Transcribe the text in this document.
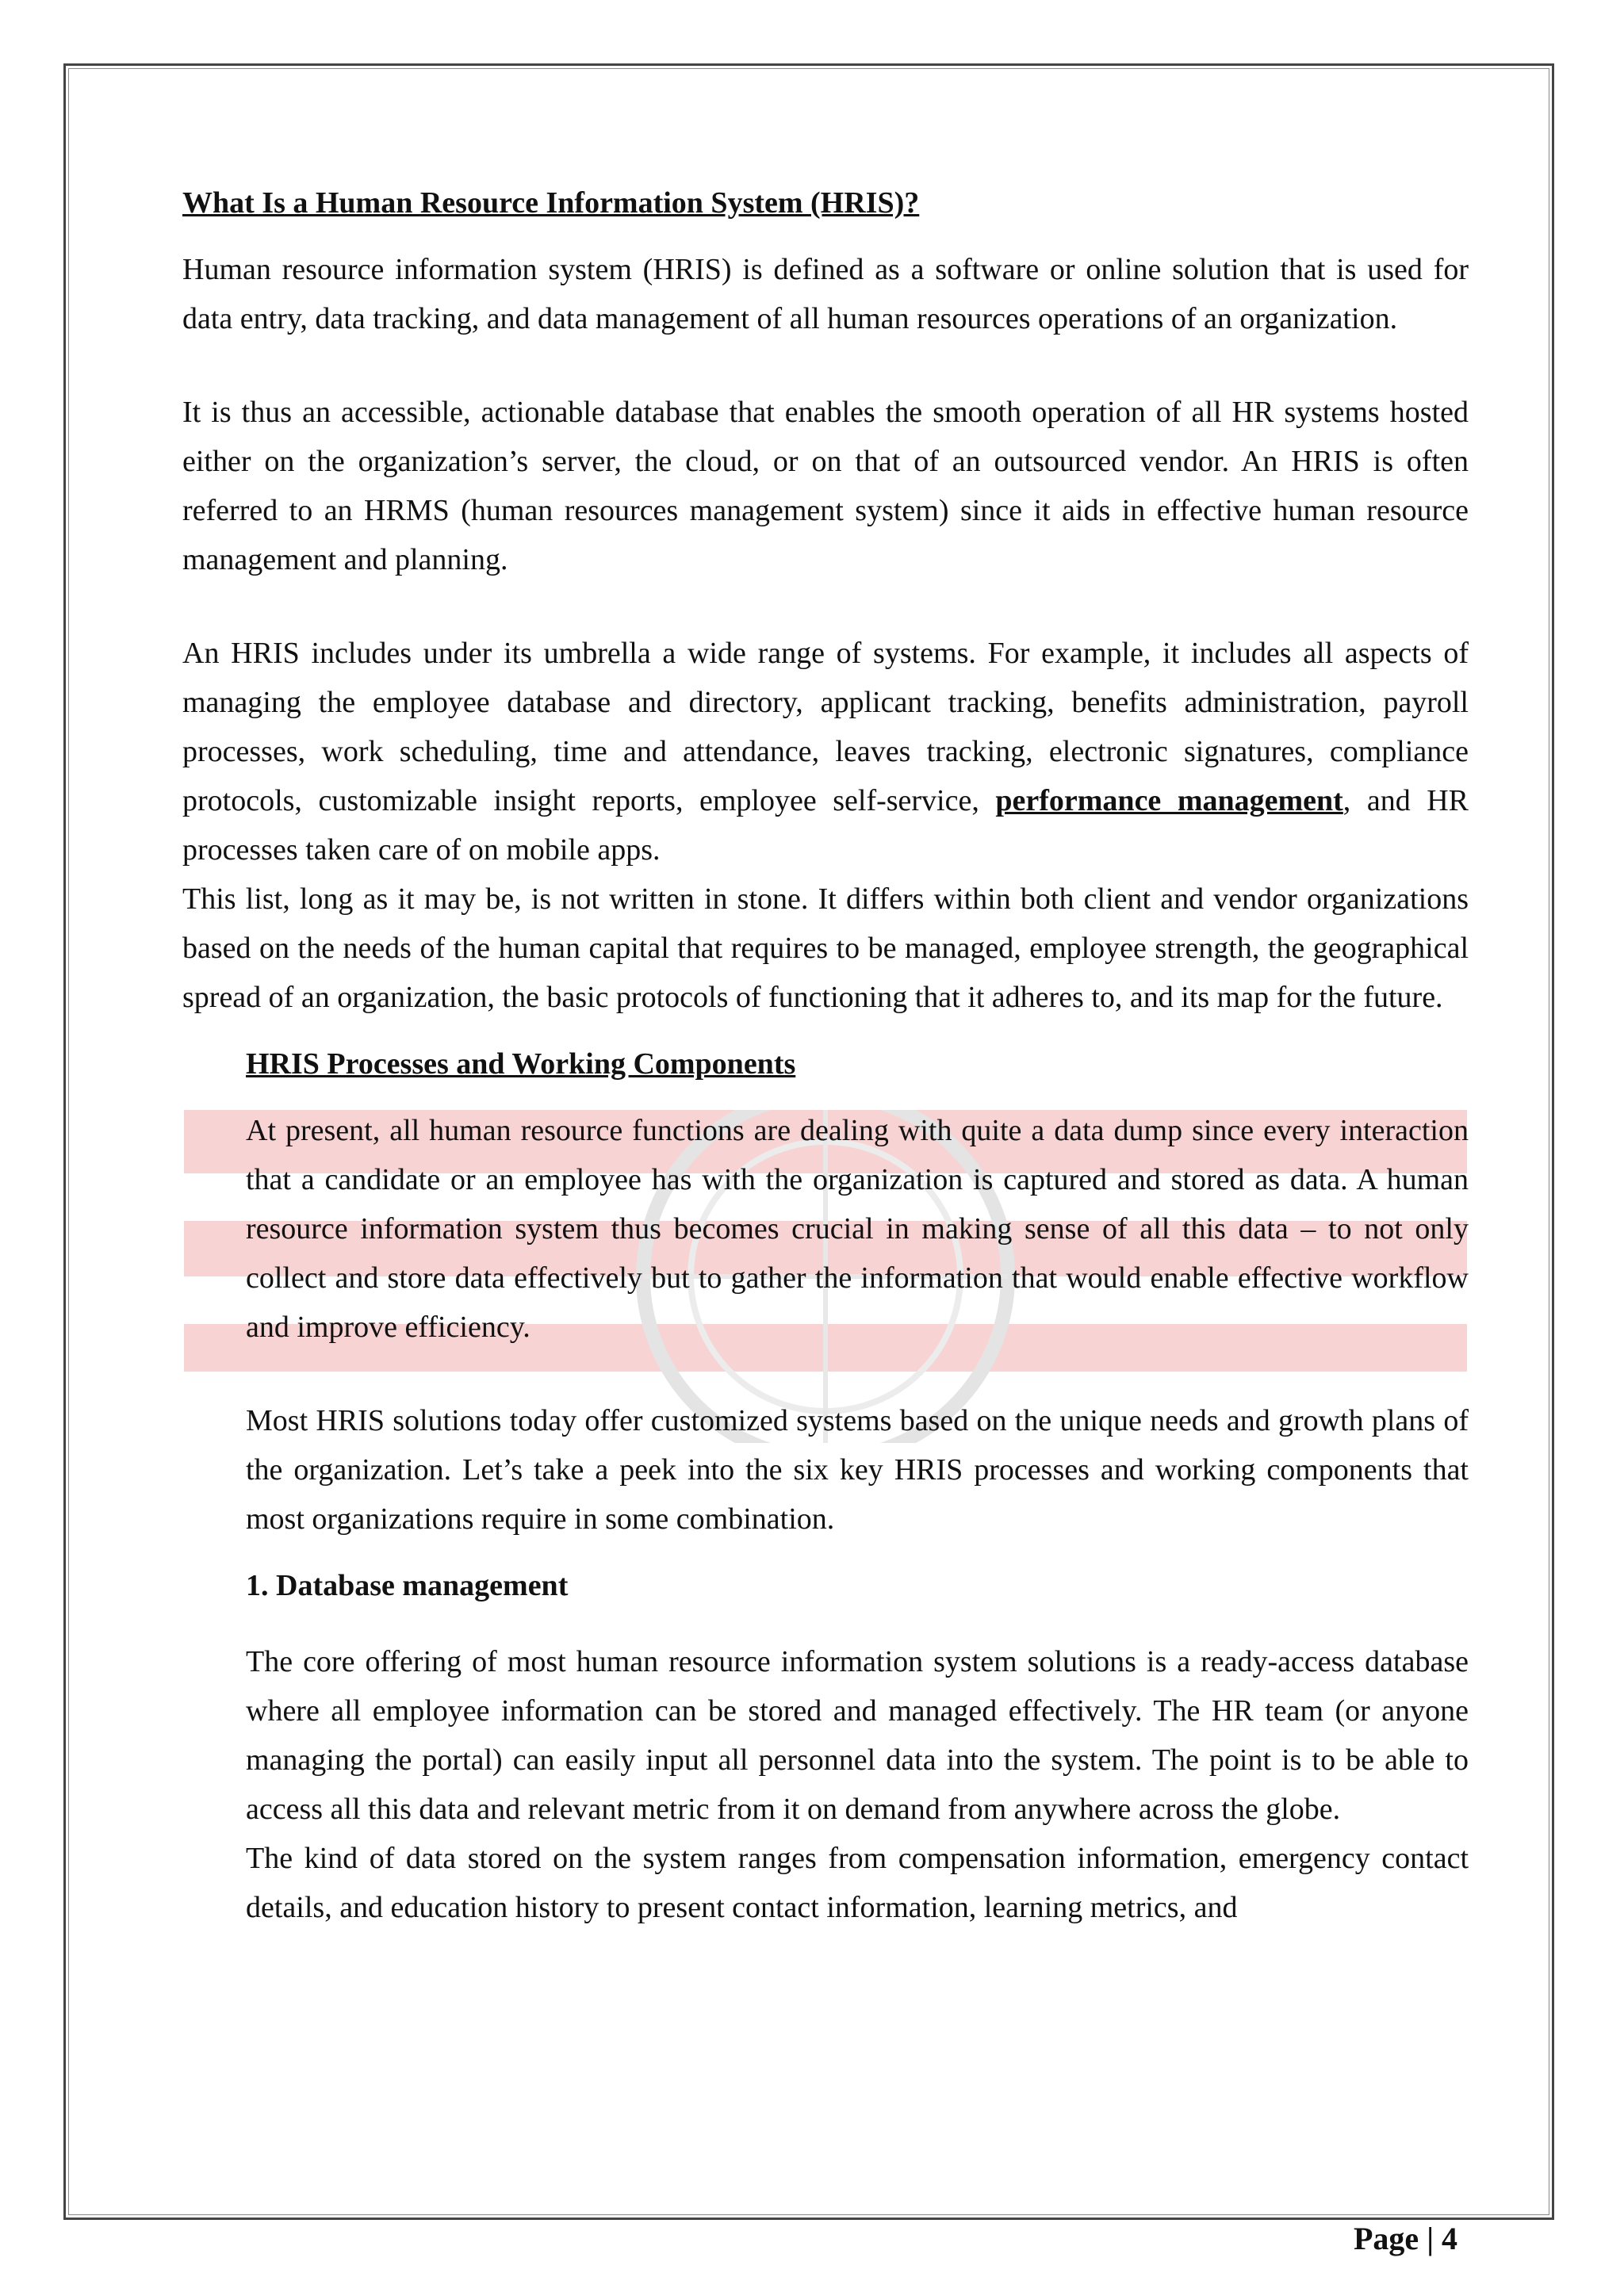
What Is a Human Resource Information System (HRIS)?

Human resource information system (HRIS) is defined as a software or online solution that is used for data entry, data tracking, and data management of all human resources operations of an organization.

It is thus an accessible, actionable database that enables the smooth operation of all HR systems hosted either on the organization’s server, the cloud, or on that of an outsourced vendor. An HRIS is often referred to an HRMS (human resources management system) since it aids in effective human resource management and planning.

An HRIS includes under its umbrella a wide range of systems. For example, it includes all aspects of managing the employee database and directory, applicant tracking, benefits administration, payroll processes, work scheduling, time and attendance, leaves tracking, electronic signatures, compliance protocols, customizable insight reports, employee self-service, performance management, and HR processes taken care of on mobile apps.

This list, long as it may be, is not written in stone. It differs within both client and vendor organizations based on the needs of the human capital that requires to be managed, employee strength, the geographical spread of an organization, the basic protocols of functioning that it adheres to, and its map for the future.

HRIS Processes and Working Components

At present, all human resource functions are dealing with quite a data dump since every interaction that a candidate or an employee has with the organization is captured and stored as data. A human resource information system thus becomes crucial in making sense of all this data – to not only collect and store data effectively but to gather the information that would enable effective workflow and improve efficiency.

Most HRIS solutions today offer customized systems based on the unique needs and growth plans of the organization. Let’s take a peek into the six key HRIS processes and working components that most organizations require in some combination.

1. Database management

The core offering of most human resource information system solutions is a ready-access database where all employee information can be stored and managed effectively. The HR team (or anyone managing the portal) can easily input all personnel data into the system. The point is to be able to access all this data and relevant metric from it on demand from anywhere across the globe.

The kind of data stored on the system ranges from compensation information, emergency contact details, and education history to present contact information, learning metrics, and

Page | 4
